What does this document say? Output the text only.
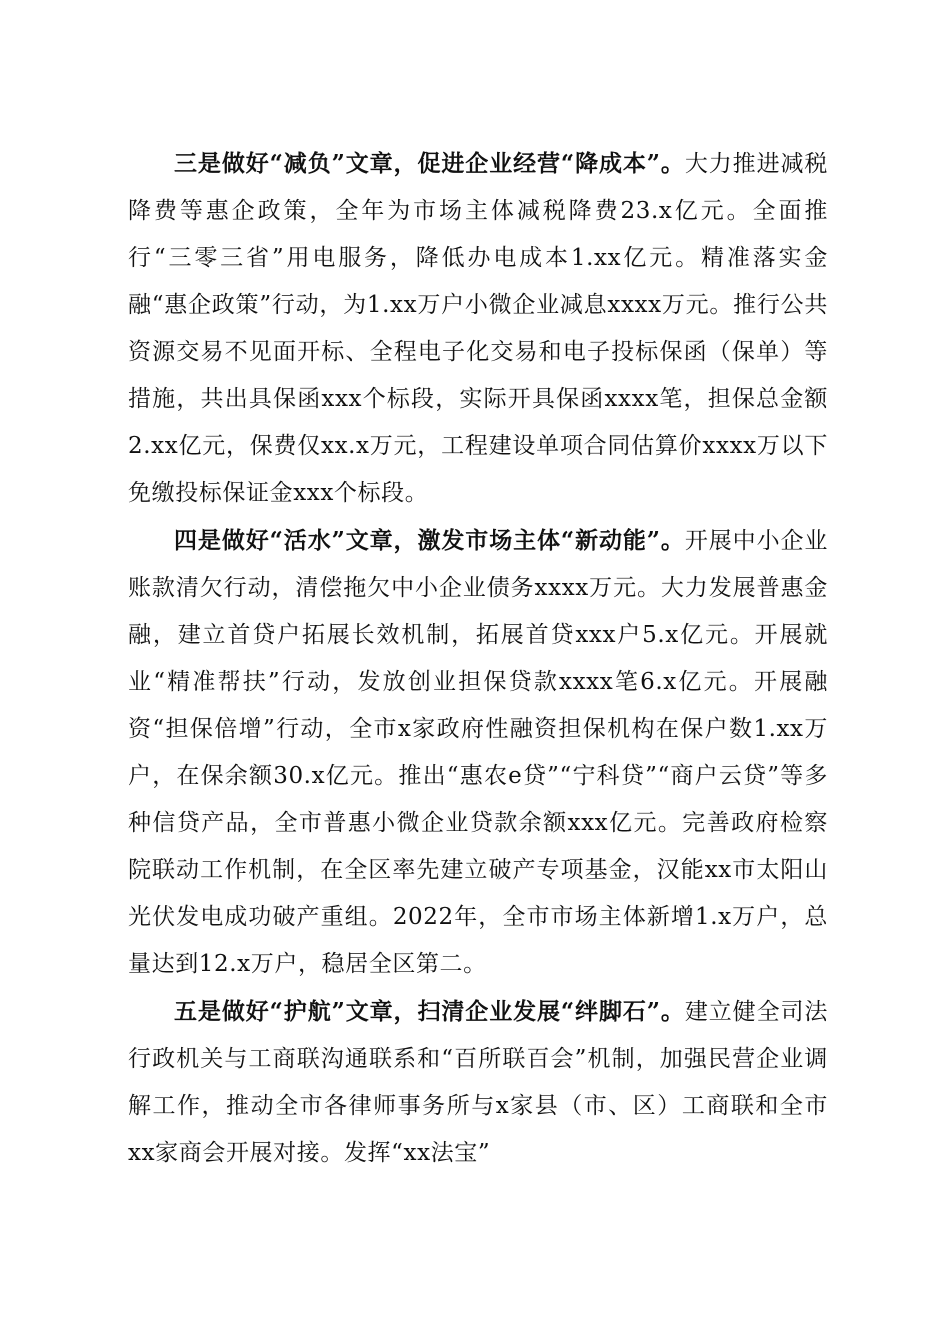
三是做好“减负”文章，促进企业经营“降成本”。大力推进减税降费等惠企政策，全年为市场主体减税降费23.x亿元。全面推行“三零三省”用电服务，降低办电成本1.xx亿元。精准落实金融“惠企政策”行动，为1.xx万户小微企业减息xxxx万元。推行公共资源交易不见面开标、全程电子化交易和电子投标保函（保单）等措施，共出具保函xxx个标段，实际开具保函xxxx笔，担保总金额2.xx亿元，保费仅xx.x万元，工程建设单项合同估算价xxxx万以下免缴投标保证金xxx个标段。

四是做好“活水”文章，激发市场主体“新动能”。开展中小企业账款清欠行动，清偿拖欠中小企业债务xxxx万元。大力发展普惠金融，建立首贷户拓展长效机制，拓展首贷xxx户5.x亿元。开展就业“精准帮扶”行动，发放创业担保贷款xxxx笔6.x亿元。开展融资“担保倍增”行动，全市x家政府性融资担保机构在保户数1.xx万户，在保余额30.x亿元。推出“惠农e贷”“宁科贷”“商户云贷”等多种信贷产品，全市普惠小微企业贷款余额xxx亿元。完善政府检察院联动工作机制，在全区率先建立破产专项基金，汉能xx市太阳山光伏发电成功破产重组。2022年，全市市场主体新增1.x万户，总量达到12.x万户，稳居全区第二。

五是做好“护航”文章，扫清企业发展“绊脚石”。建立健全司法行政机关与工商联沟通联系和“百所联百会”机制，加强民营企业调解工作，推动全市各律师事务所与x家县（市、区）工商联和全市xx家商会开展对接。发挥“xx法宝”
